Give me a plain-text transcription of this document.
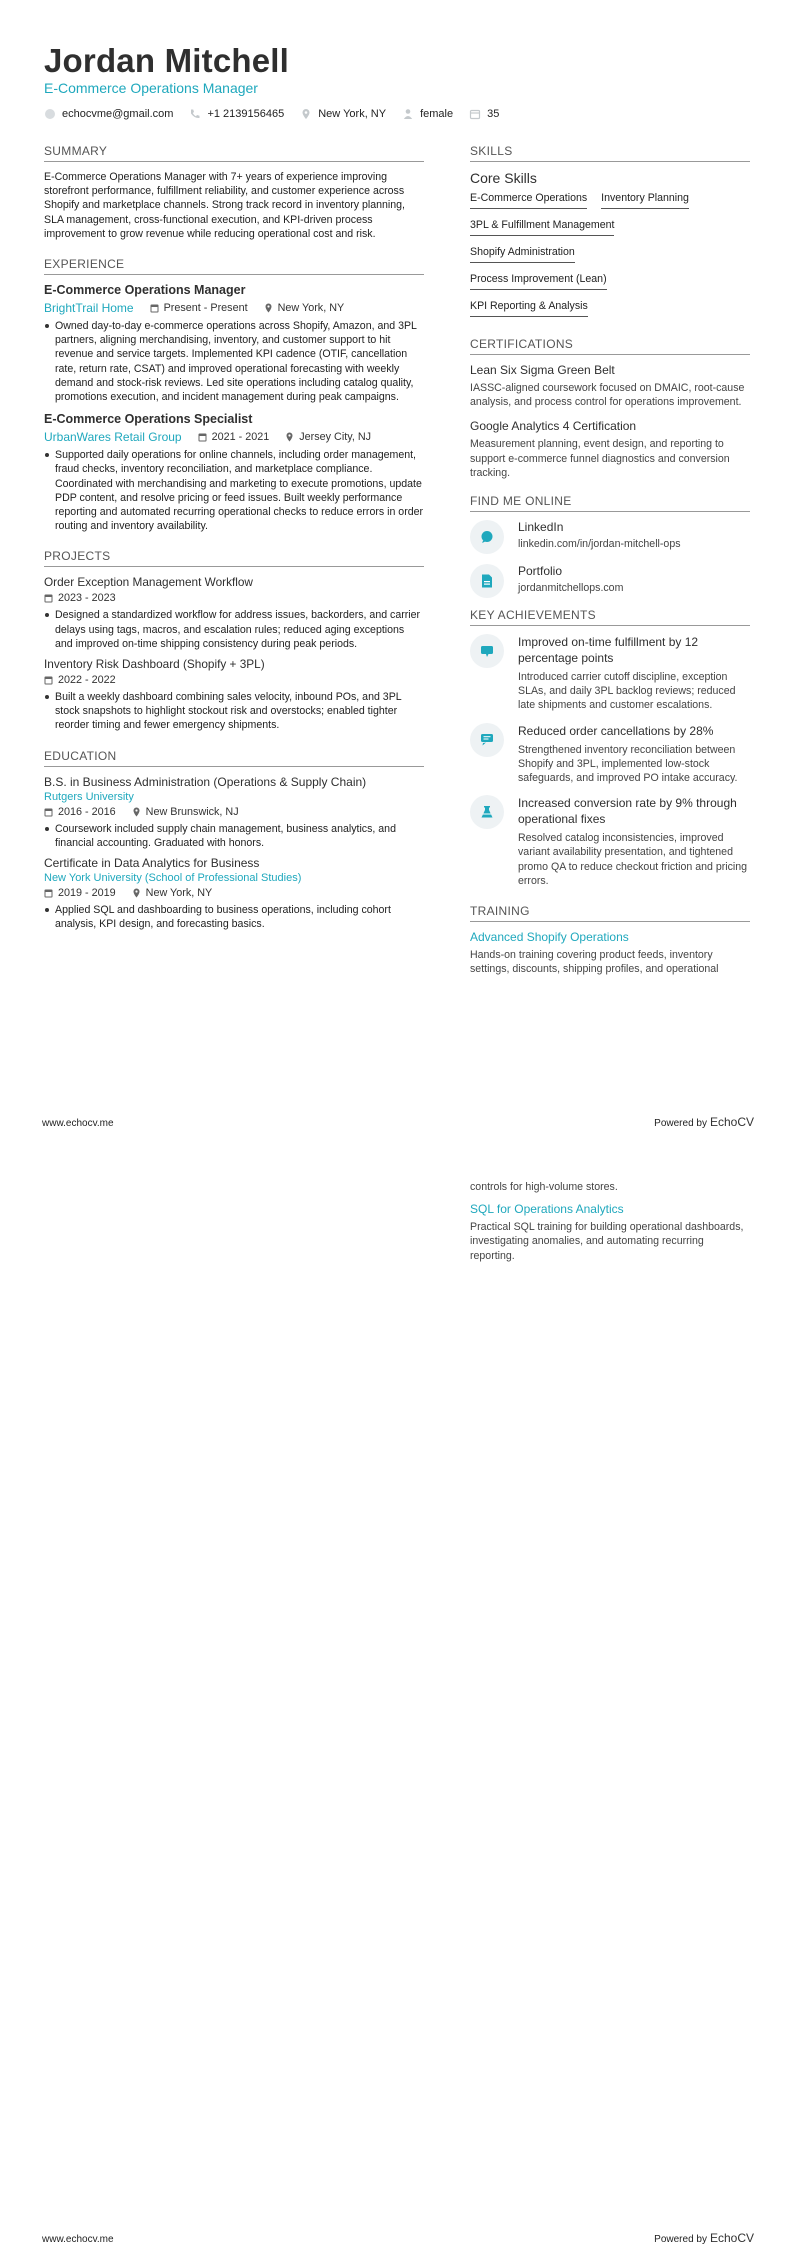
Jordan Mitchell
E-Commerce Operations Manager
echocvme@gmail.com	+1 2139156465	New York, NY	female	35
SUMMARY
E-Commerce Operations Manager with 7+ years of experience improving storefront performance, fulfillment reliability, and customer experience across Shopify and marketplace channels. Strong track record in inventory planning, SLA management, cross-functional execution, and KPI-driven process improvement to grow revenue while reducing operational cost and risk.
EXPERIENCE
E-Commerce Operations Manager
BrightTrail Home	Present - Present	New York, NY
Owned day-to-day e-commerce operations across Shopify, Amazon, and 3PL partners, aligning merchandising, inventory, and customer support to hit revenue and service targets. Implemented KPI cadence (OTIF, cancellation rate, return rate, CSAT) and improved operational forecasting with weekly demand and stock-risk reviews. Led site operations including catalog quality, promotions execution, and incident management during peak campaigns.
E-Commerce Operations Specialist
UrbanWares Retail Group	2021 - 2021	Jersey City, NJ
Supported daily operations for online channels, including order management, fraud checks, inventory reconciliation, and marketplace compliance. Coordinated with merchandising and marketing to execute promotions, update PDP content, and resolve pricing or feed issues. Built weekly performance reporting and automated recurring operational checks to reduce errors in order routing and inventory availability.
PROJECTS
Order Exception Management Workflow
2023 - 2023
Designed a standardized workflow for address issues, backorders, and carrier delays using tags, macros, and escalation rules; reduced aging exceptions and improved on-time shipping consistency during peak periods.
Inventory Risk Dashboard (Shopify + 3PL)
2022 - 2022
Built a weekly dashboard combining sales velocity, inbound POs, and 3PL stock snapshots to highlight stockout risk and overstocks; enabled tighter reorder timing and fewer emergency shipments.
EDUCATION
B.S. in Business Administration (Operations & Supply Chain)
Rutgers University
2016 - 2016	New Brunswick, NJ
Coursework included supply chain management, business analytics, and financial accounting. Graduated with honors.
Certificate in Data Analytics for Business
New York University (School of Professional Studies)
2019 - 2019	New York, NY
Applied SQL and dashboarding to business operations, including cohort analysis, KPI design, and forecasting basics.
SKILLS
Core Skills
E-Commerce Operations Inventory Planning
3PL & Fulfillment Management
Shopify Administration
Process Improvement (Lean)
KPI Reporting & Analysis
CERTIFICATIONS
Lean Six Sigma Green Belt
IASSC-aligned coursework focused on DMAIC, root-cause analysis, and process control for operations improvement.
Google Analytics 4 Certification
Measurement planning, event design, and reporting to support e-commerce funnel diagnostics and conversion tracking.
FIND ME ONLINE
LinkedIn
linkedin.com/in/jordan-mitchell-ops
Portfolio
jordanmitchellops.com
KEY ACHIEVEMENTS
Improved on-time fulfillment by 12 percentage points
Introduced carrier cutoff discipline, exception SLAs, and daily 3PL backlog reviews; reduced late shipments and customer escalations.
Reduced order cancellations by 28%
Strengthened inventory reconciliation between Shopify and 3PL, implemented low-stock safeguards, and improved PO intake accuracy.
Increased conversion rate by 9% through operational fixes
Resolved catalog inconsistencies, improved variant availability presentation, and tightened promo QA to reduce checkout friction and pricing errors.
TRAINING
Advanced Shopify Operations
Hands-on training covering product feeds, inventory settings, discounts, shipping profiles, and operational
www.echocv.me	Powered by EchoCV
controls for high-volume stores.
SQL for Operations Analytics
Practical SQL training for building operational dashboards, investigating anomalies, and automating recurring reporting.
www.echocv.me	Powered by EchoCV
